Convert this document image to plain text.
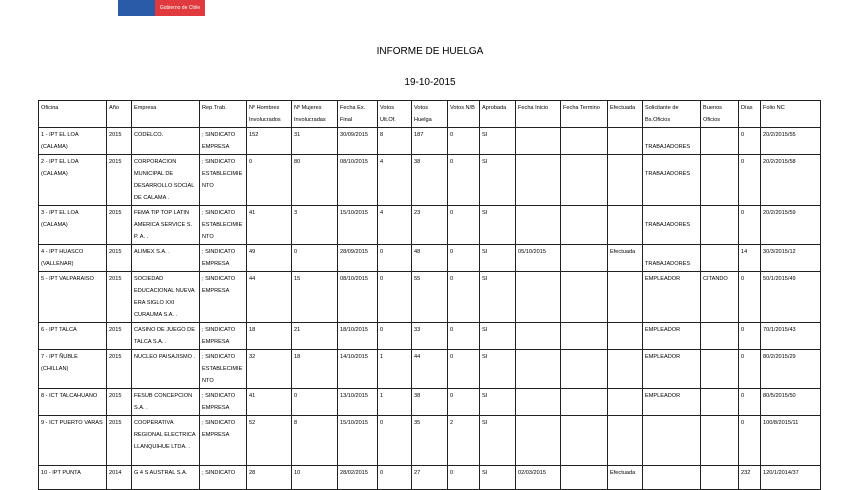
Gobierno de Chile
INFORME DE HUELGA
19-10-2015
Oficina	Año	Empresa	Rep.Trab.	Nº Hombres Involucrados	Nº Mujeres Involucradas	Fecha Ex. Final	Votos Ult.Of.	Votos Huelga	Votos N/B	Aprobada	Fecha Inicio	Fecha Termino	Efectuada	Solicitante de Bs.Oficios	Buenos Oficios	Días	Folio NC
1 - IPT EL LOA (CALAMA)	2015	CODELCO.	; SINDICATO EMPRESA	152	31	30/09/2015	8	187	0	SI				TRABAJADORES		0	20/2/2015/55
2 - IPT EL LOA (CALAMA)	2015	CORPORACION MUNICIPAL DE DESARROLLO SOCIAL DE CALAMA .	; SINDICATO ESTABLECIMIENTO	0	80	08/10/2015	4	38	0	SI				TRABAJADORES		0	20/2/2015/58
3 - IPT EL LOA (CALAMA)	2015	FEMA TIP TOP LATIN AMERICA SERVICE S. P. A. .	; SINDICATO ESTABLECIMIENTO	41	3	15/10/2015	4	23	0	SI				TRABAJADORES		0	20/2/2015/59
4 - IPT HUASCO (VALLENAR)	2015	ALIMEX S.A. .	; SINDICATO EMPRESA	49	0	28/09/2015	0	48	0	SI	05/10/2015		Efectuada	TRABAJADORES		14	30/3/2015/12
5 - IPT VALPARAISO	2015	SOCIEDAD EDUCACIONAL NUEVA ERA SIGLO XXI CURAUMA S.A. .	; SINDICATO EMPRESA	44	15	08/10/2015	0	55	0	SI				EMPLEADOR	CITANDO	0	50/1/2015/49
6 - IPT TALCA	2015	CASINO DE JUEGO DE TALCA S.A. .	; SINDICATO EMPRESA	18	21	18/10/2015	0	33	0	SI				EMPLEADOR		0	70/1/2015/43
7 - IPT ÑUBLE (CHILLAN)	2015	NUCLEO PAISAJISMO .	; SINDICATO ESTABLECIMIENTO	32	18	14/10/2015	1	44	0	SI				EMPLEADOR		0	80/2/2015/29
8 - ICT TALCAHUANO	2015	FESUB CONCEPCION S.A. .	; SINDICATO EMPRESA	41	0	13/10/2015	1	38	0	SI				EMPLEADOR		0	80/5/2015/50
9 - ICT PUERTO VARAS	2015	COOPERATIVA REGIONAL ELECTRICA LLANQUIHUE LTDA. .	; SINDICATO EMPRESA	52	8	15/10/2015	0	35	2	SI						0	100/8/2015/11
10 - IPT PUNTA	2014	G 4 S AUSTRAL S.A.	; SINDICATO	28	10	28/02/2015	0	27	0	SI	02/03/2015		Efectuada			232	120/1/2014/37
